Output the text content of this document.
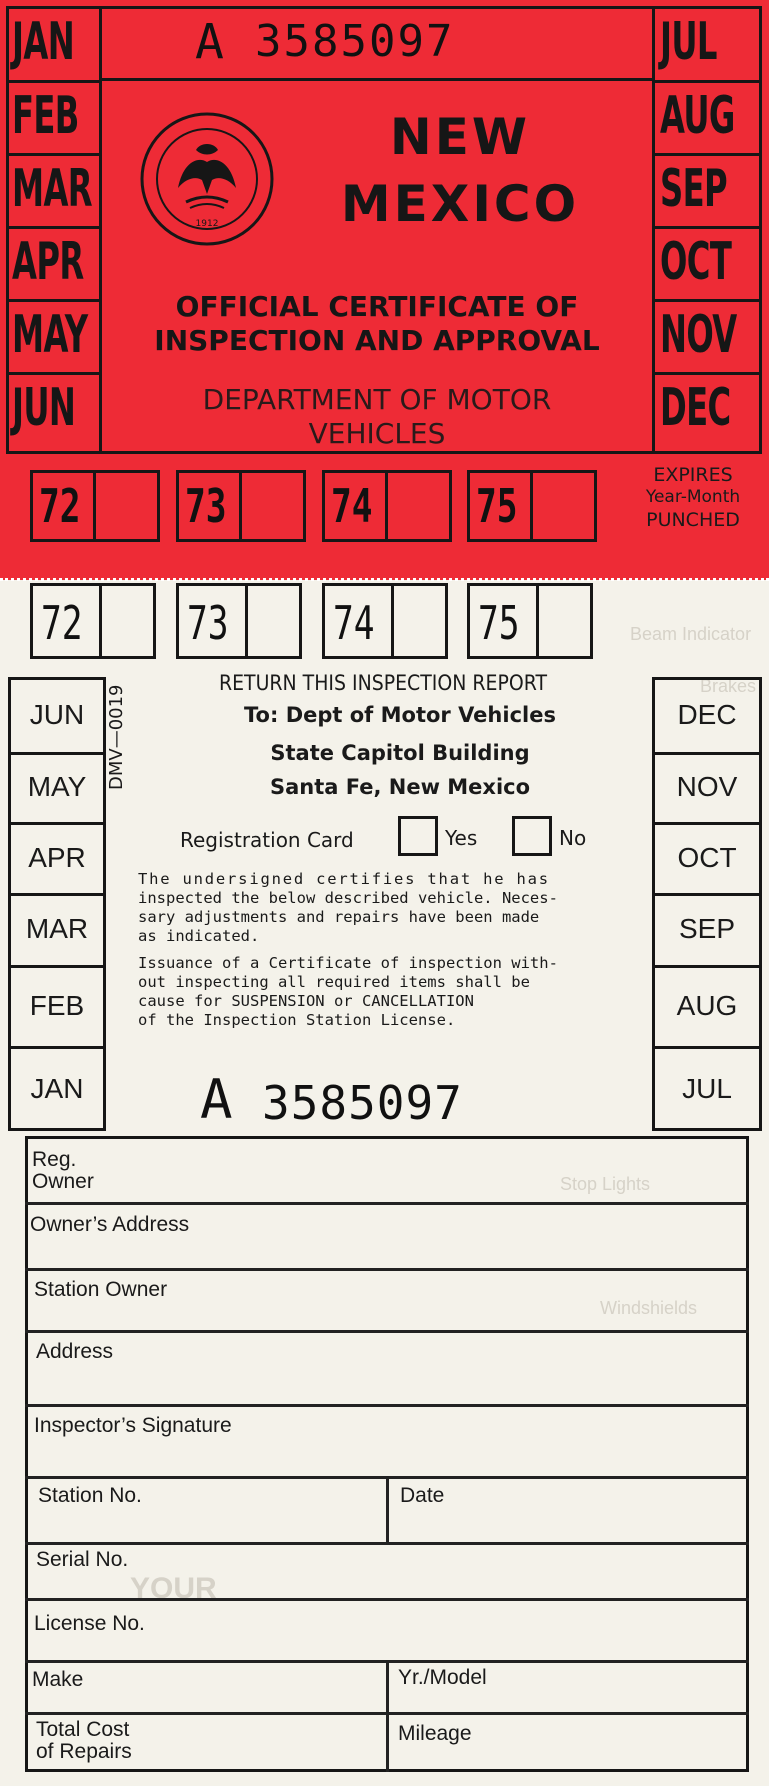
JAN
FEB
MAR
APR
MAY
JUN
JUL
AUG
SEP
OCT
NOV
DEC
A 3585097
1912
NEW
MEXICO
OFFICIAL CERTIFICATE OF
INSPECTION AND APPROVAL
DEPARTMENT OF MOTOR
VEHICLES
72 73 74 75
EXPIRES
Year-Month
PUNCHED
Beam Indicator
Brakes
Stop Lights
Windshields
YOUR
72 73 74 75
JUN
MAY
APR
MAR
FEB
JAN
DEC
NOV
OCT
SEP
AUG
JUL
RETURN THIS INSPECTION REPORT
To: Dept of Motor Vehicles
State Capitol Building
Santa Fe, New Mexico
DMV—0019
Registration Card	Yes	No
The undersigned certifies that he has
inspected the below described vehicle. Neces-
sary adjustments and repairs have been made
as indicated.
Issuance of a Certificate of inspection with-
out inspecting all required items shall be
cause for SUSPENSION or CANCELLATION
of the Inspection Station License.
A 3585097
Reg.
Owner
Owner’s Address
Station Owner
Address
Inspector’s Signature
Station No.	Date
Serial No.
License No.
Make	Yr./Model
Total Cost
of Repairs
Mileage
